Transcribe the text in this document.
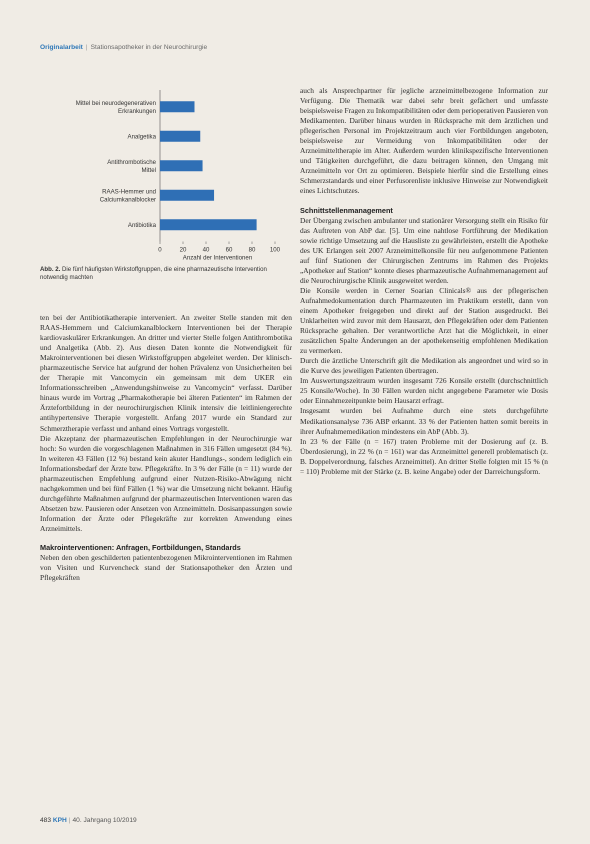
Originalarbeit | Stationsapotheker in der Neurochirurgie
Mittel bei neurodegenerativen Erkrankungen
Analgetika
Antithrombotische Mittel
RAAS-Hemmer und Calciumkanalblocker
Antibiotika
0	20	40	60	80 100
Anzahl der Interventionen
Abb. 2. Die fünf häufigsten Wirkstoffgruppen, die eine pharmazeutische Intervention notwendig machten

ten bei der Antibiotikatherapie interveniert. An zweiter Stelle standen mit den RAAS-Hemmern und Calciumkanalblockern Interventionen bei der Therapie kardiovaskulärer Erkrankungen. An dritter und vierter Stelle folgen Antithrombotika und Analgetika (Abb. 2). Aus diesen Daten konnte die Notwendigkeit für Makrointerventionen bei diesen Wirkstoffgruppen abgeleitet werden. Der klinisch-pharmazeutische Service hat aufgrund der hohen Prävalenz von Unsicherheiten bei der Therapie mit Vancomycin ein gemeinsam mit dem UKER ein Informationsschreiben „Anwendungshinweise zu Vancomycin“ verfasst. Darüber hinaus wurde im Vortrag „Pharmakotherapie bei älteren Patienten“ im Rahmen der Ärztefortbildung in der neurochirurgischen Klinik intensiv die leitliniengerechte antihypertensive Therapie vorgestellt. Anfang 2017 wurde ein Standard zur Schmerztherapie verfasst und anhand eines Vortrags vorgestellt.

Die Akzeptanz der pharmazeutischen Empfehlungen in der Neurochirurgie war hoch: So wurden die vorgeschlagenen Maßnahmen in 316 Fällen umgesetzt (84 %). In weiteren 43 Fällen (12 %) bestand kein akuter Handlungs-, sondern lediglich ein Informationsbedarf der Ärzte bzw. Pflegekräfte. In 3 % der Fälle (n = 11) wurde der pharmazeutischen Empfehlung aufgrund einer Nutzen-Risiko-Abwägung nicht nachgekommen und bei fünf Fällen (1 %) war die Umsetzung nicht bekannt. Häufig durchgeführte Maßnahmen aufgrund der pharmazeutischen Interventionen waren das Absetzen bzw. Pausieren oder Ansetzen von Arzneimitteln. Dosisanpassungen sowie Information der Ärzte oder Pflegekräfte zur korrekten Anwendung eines Arzneimittels.

Makrointerventionen: Anfragen, Fortbildungen, Standards

Neben den oben geschilderten patientenbezogenen Mikrointerventionen im Rahmen von Visiten und Kurvencheck stand der Stationsapotheker den Ärzten und Pflegekräften

auch als Ansprechpartner für jegliche arzneimittelbezogene Information zur Verfügung. Die Thematik war dabei sehr breit gefächert und umfasste beispielsweise Fragen zu Inkompatibilitäten oder dem perioperativen Pausieren von Medikamenten. Darüber hinaus wurden in Rücksprache mit dem ärztlichen und pflegerischen Personal im Projektzeitraum auch vier Fortbildungen angeboten, beispielsweise zur Vermeidung von Inkompatibilitäten oder der Arzneimitteltherapie im Alter. Außerdem wurden klinikspezifische Interventionen und Tätigkeiten durchgeführt, die dazu beitragen können, den Umgang mit Arzneimitteln vor Ort zu optimieren. Beispiele hierfür sind die Erstellung eines Schmerzstandards und einer Perfusorenliste inklusive Hinweise zur Notwendigkeit eines Lichtschutzes.

Schnittstellenmanagement

Der Übergang zwischen ambulanter und stationärer Versorgung stellt ein Risiko für das Auftreten von AbP dar. [5]. Um eine nahtlose Fortführung der Medikation sowie richtige Umsetzung auf die Hausliste zu gewährleisten, erstellt die Apotheke des UK Erlangen seit 2007 Arzneimittelkonsile für neu aufgenommene Patienten auf fünf Stationen der Chirurgischen Zentrums im Rahmen des Projekts „Apotheker auf Station“ konnte dieses pharmazeutische Aufnahmemanagement auf die Neurochirurgische Klinik ausgeweitet werden.

Die Konsile werden in Cerner Soarian Clinicals® aus der pflegerischen Aufnahmedokumentation durch Pharmazeuten im Praktikum erstellt, dann von einem Apotheker freigegeben und direkt auf der Station ausgedruckt. Bei Unklarheiten wird zuvor mit dem Hausarzt, den Pflegekräften oder dem Patienten Rücksprache gehalten. Der verantwortliche Arzt hat die Möglichkeit, in einer zusätzlichen Spalte Änderungen an der apothekenseitig empfohlenen Medikation zu vermerken.

Durch die ärztliche Unterschrift gilt die Medikation als angeordnet und wird so in die Kurve des jeweiligen Patienten übertragen.

Im Auswertungszeitraum wurden insgesamt 726 Konsile erstellt (durchschnittlich 25 Konsile/Woche). In 30 Fällen wurden nicht angegebene Parameter wie Dosis oder Einnahmezeitpunkte beim Hausarzt erfragt.

Insgesamt wurden bei Aufnahme durch eine stets durchgeführte Medikationsanalyse 736 ABP erkannt. 33 % der Patienten hatten somit bereits in ihrer Aufnahmemedikation mindestens ein AbP (Abb. 3).

In 23 % der Fälle (n = 167) traten Probleme mit der Dosierung auf (z. B. Überdosierung), in 22 % (n = 161) war das Arzneimittel generell problematisch (z. B. Doppelverordnung, falsches Arzneimittel). An dritter Stelle folgten mit 15 % (n = 110) Probleme mit der Stärke (z. B. keine Angabe) oder der Darreichungsform.

483 KPH | 40. Jahrgang 10/2019
